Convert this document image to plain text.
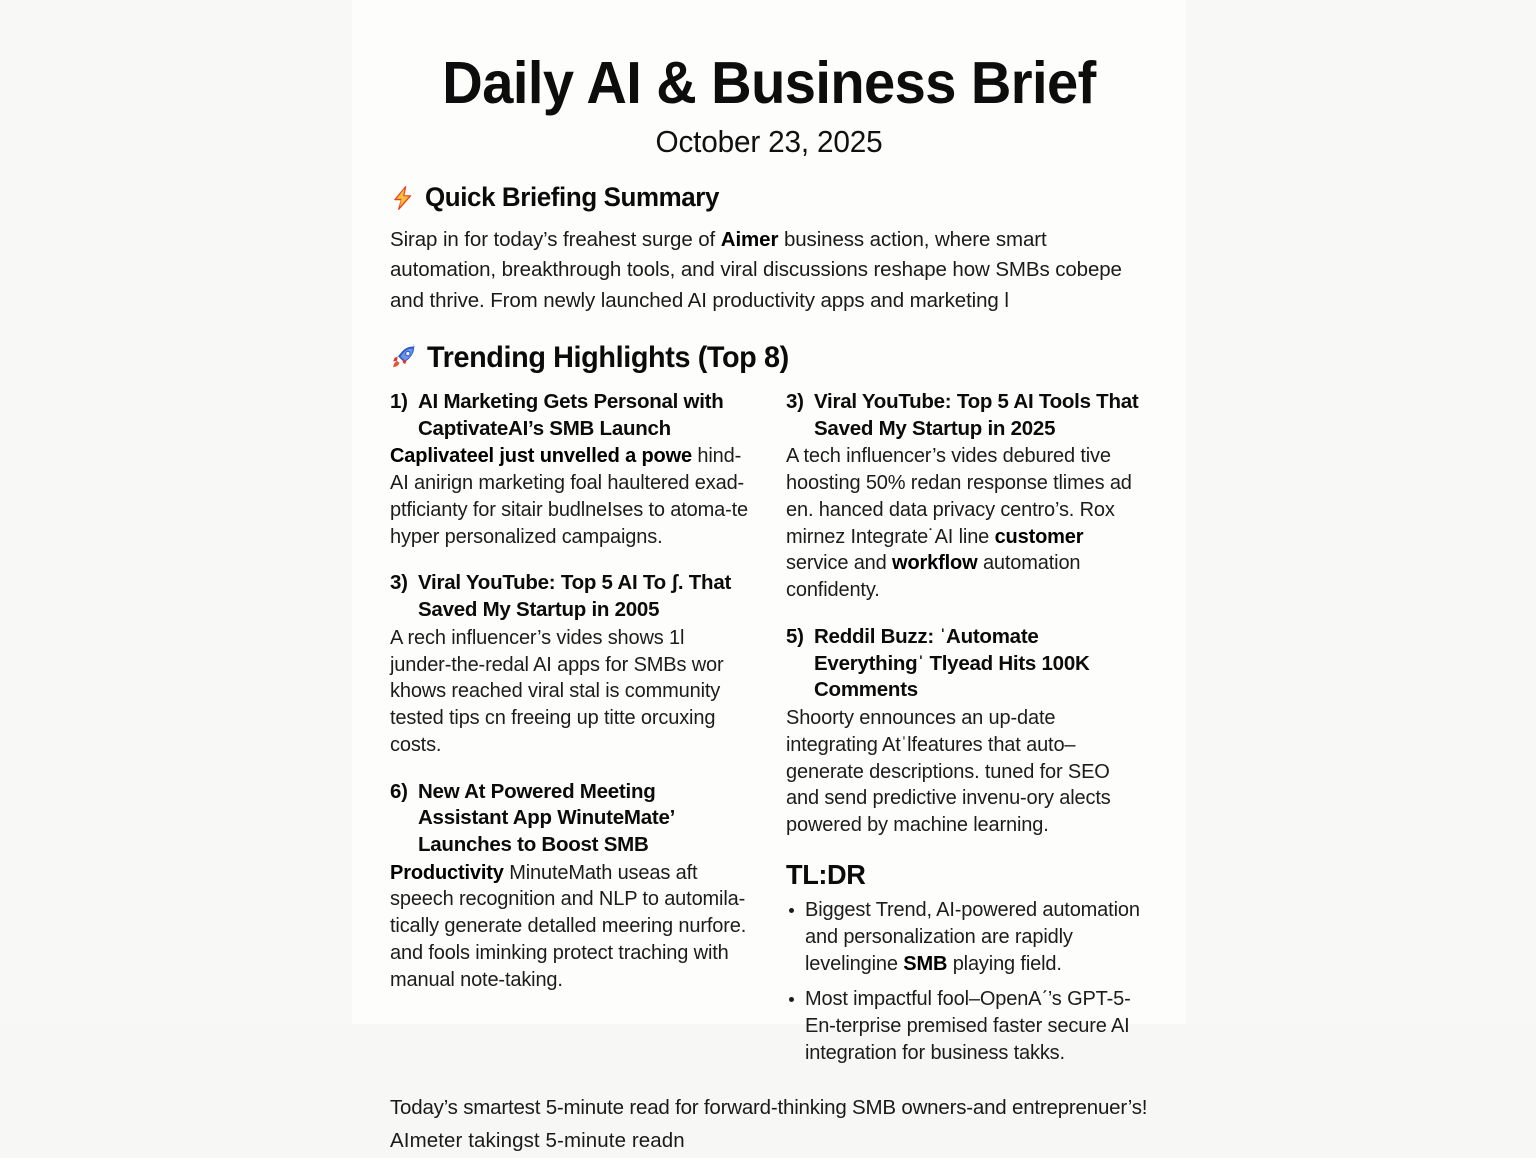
Daily AI & Business Brief
October 23, 2025
Quick Briefing Summary

Sirap in for today’s freahest surge of Aimer business action, where smart automation, breakthrough tools, and viral discussions reshape how SMBs cobepe and thrive. From newly launched AI productivity apps and marketing l

Trending Highlights (Top 8)
1) AI Marketing Gets Personal with CaptivateAI’s SMB Launch
Caplivateel just unvelled a powe hind- AI anirign marketing foal haultered exad-ptficianty for sitair budlneIses to atoma-te hyper personalized campaigns.
3) Viral YouTube: Top 5 AI To ʃ. That Saved My Startup in 2005
A rech influencer’s vides shows 1l junder-the-redal AI apps for SMBs wor khows reached viral stal is community tested tips cn freeing up titte orcuxing costs.
6) New At Powered Meeting Assistant App WinuteMate’ Launches to Boost SMB
Productivity MinuteMath useas aft speech recognition and NLP to automila-tically generate detalled meering nurfore. and fools iminking protect traching with manual note-taking.
3) Viral YouTube: Top 5 AI Tools That Saved My Startup in 2025
A tech influencer’s vides debured tive hoosting 50% redan response tlimes ad en. hanced data privacy centro’s. Rox mirnez Integrate˙AI line customer service and workflow automation confidenty.
5) Reddil Buzz: ˈAutomate Everythingˈ Tlyead Hits 100K Comments
Shoorty ennounces an up-date integrating Atˈlfeatures that auto–generate descriptions. tuned for SEO and send predictive invenu-ory alects powered by machine learning.
TL:DR
Biggest Trend, AI-powered automation and personalization are rapidly levelingine SMB playing field.
Most impactful fool–OpenAˊ’s GPT-5-En-terprise premised faster secure AI integration for business takks.
Today’s smartest 5-minute read for forward-thinking SMB owners-and entreprenuer’s!
AImeter takingst 5-minute readn
